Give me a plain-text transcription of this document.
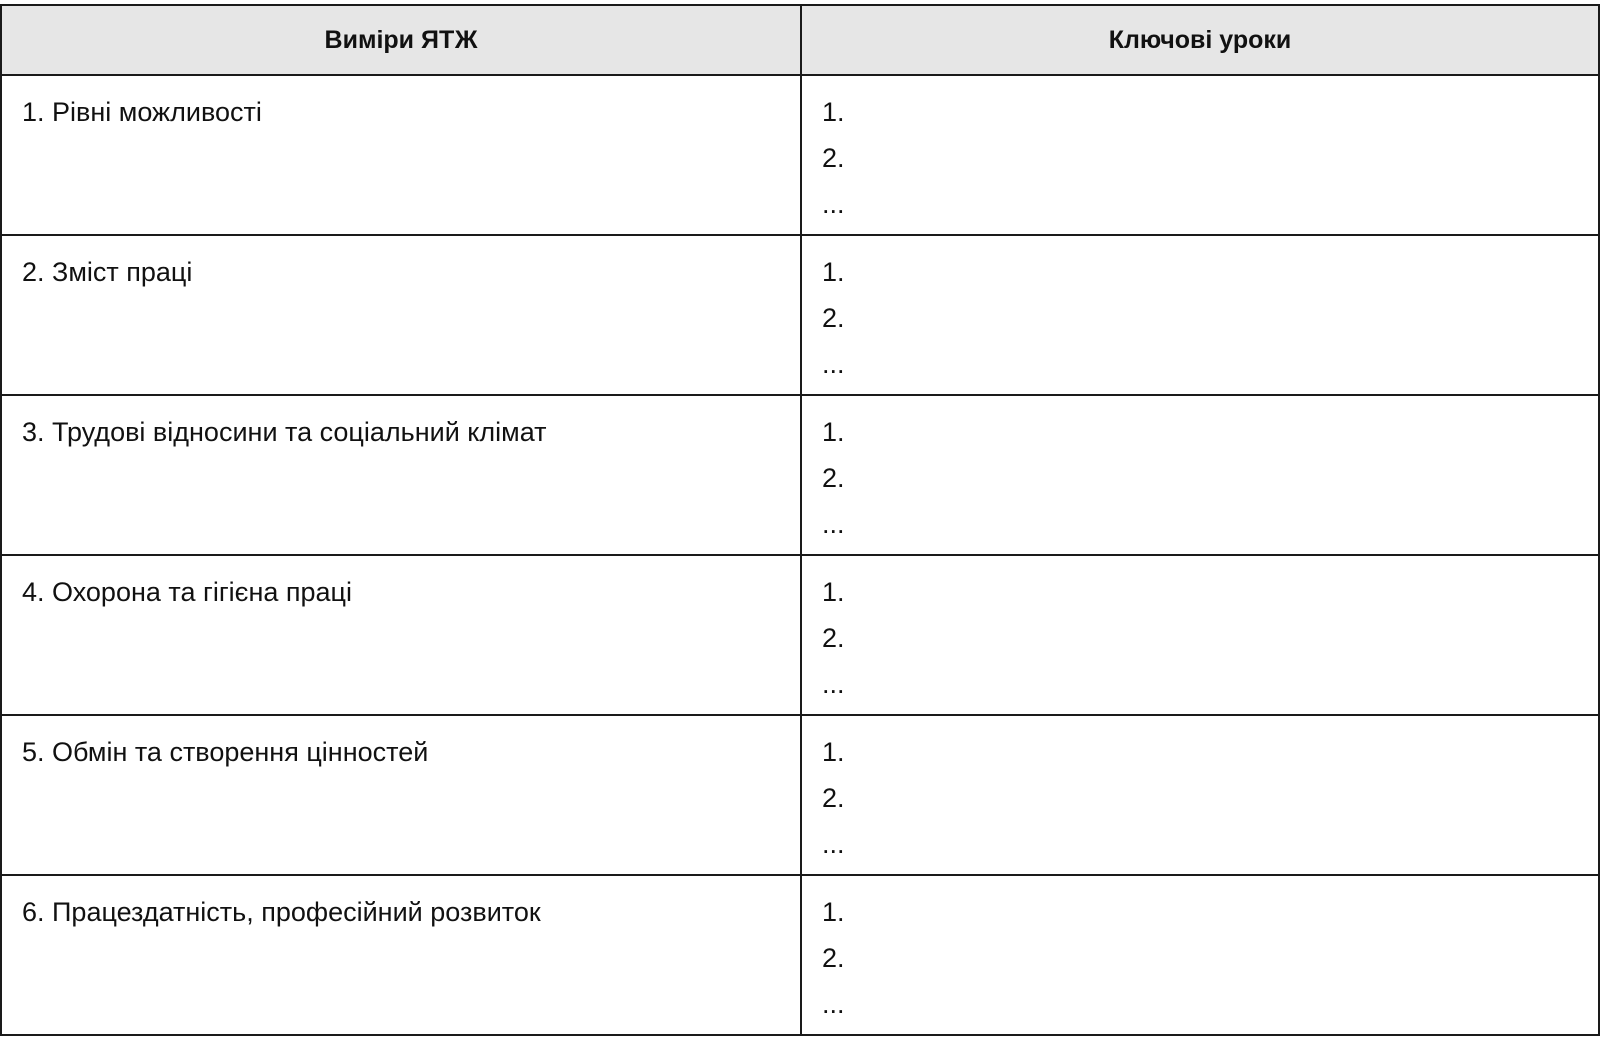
Виміри ЯТЖ	Ключові уроки
1. Рівні можливості	1.
2.
...

2. Зміст праці	1.
2.
...

3. Трудові відносини та соціальний клімат	1.
2.
...

4. Охорона та гігієна праці	1.
2.
...

5. Обмін та створення цінностей	1.
2.
...

6. Працездатність, професійний розвиток	1.
2.
...
